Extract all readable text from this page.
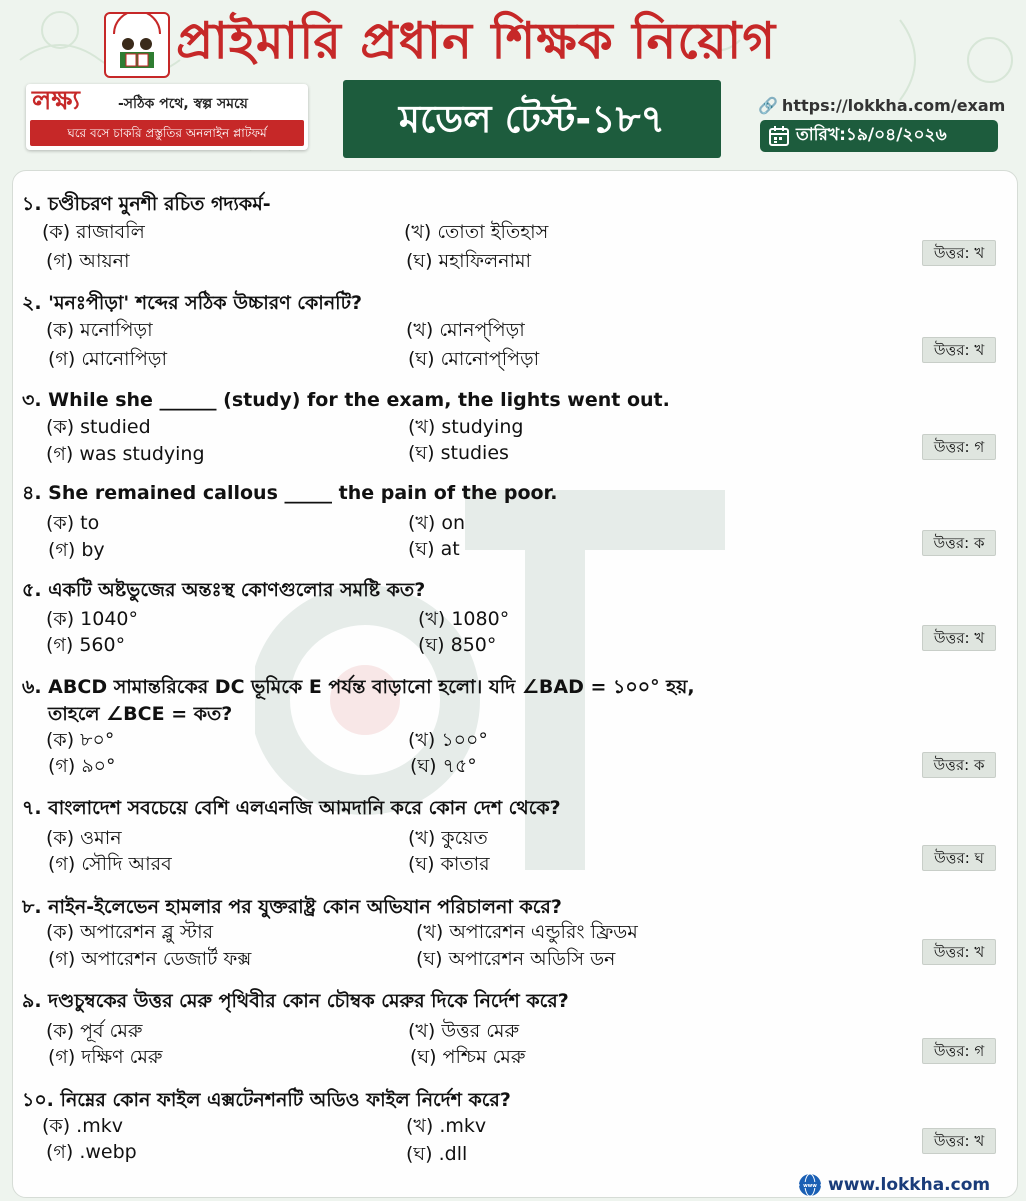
প্রাইমারি প্রধান শিক্ষক নিয়োগ
লক্ষ্য	-সঠিক পথে, স্বল্প সময়ে
ঘরে বসে চাকরি প্রস্তুতির অনলাইন প্লাটফর্ম	মডেল টেস্ট-১৮৭	🔗 https://lokkha.com/exam
তারিখ:১৯/০৪/২০২৬
১. চণ্ডীচরণ মুনশী রচিত গদ্যকর্ম-
(ক) রাজাবলি	(খ) তোতা ইতিহাস
(গ) আয়না	(ঘ) মহাফিলনামা	উত্তর: খ
২. 'মনঃপীড়া' শব্দের সঠিক উচ্চারণ কোনটি?
(ক) মনোপিড়া	(খ) মোনপ্‌পিড়া
(গ) মোনোপিড়া	(ঘ) মোনোপ্‌পিড়া	উত্তর: খ
৩. While she ______ (study) for the exam, the lights went out.
(ক) studied	(খ) studying
(গ) was studying	(ঘ) studies	উত্তর: গ
৪. She remained callous _____ the pain of the poor.
(ক) to	(খ) on
(গ) by	(ঘ) at	উত্তর: ক
৫. একটি অষ্টভুজের অন্তঃস্থ কোণগুলোর সমষ্টি কত?
(ক) 1040°	(খ) 1080°
(গ) 560°	(ঘ) 850°	উত্তর: খ
৬. ABCD সামান্তরিকের DC ভূমিকে E পর্যন্ত বাড়ানো হলো। যদি ∠BAD = ১০০° হয়,
তাহলে ∠BCE = কত?
(ক) ৮০°	(খ) ১০০°
(গ) ৯০°	(ঘ) ৭৫°	উত্তর: ক
৭. বাংলাদেশ সবচেয়ে বেশি এলএনজি আমদানি করে কোন দেশ থেকে?
(ক) ওমান	(খ) কুয়েত
(গ) সৌদি আরব	(ঘ) কাতার	উত্তর: ঘ
৮. নাইন-ইলেভেন হামলার পর যুক্তরাষ্ট্র কোন অভিযান পরিচালনা করে?
(ক) অপারেশন ব্লু স্টার	(খ) অপারেশন এন্ডুরিং ফ্রিডম
(গ) অপারেশন ডেজার্ট ফক্স	(ঘ) অপারেশন অডিসি ডন	উত্তর: খ
৯. দণ্ডচুম্বকের উত্তর মেরু পৃথিবীর কোন চৌম্বক মেরুর দিকে নির্দেশ করে?
(ক) পূর্ব মেরু	(খ) উত্তর মেরু
(গ) দক্ষিণ মেরু	(ঘ) পশ্চিম মেরু	উত্তর: গ
১০. নিম্নের কোন ফাইল এক্সটেনশনটি অডিও ফাইল নির্দেশ করে?
(ক) .mkv	(খ) .mkv
(গ) .webp	(ঘ) .dll
উত্তর: খ
www www.lokkha.com
